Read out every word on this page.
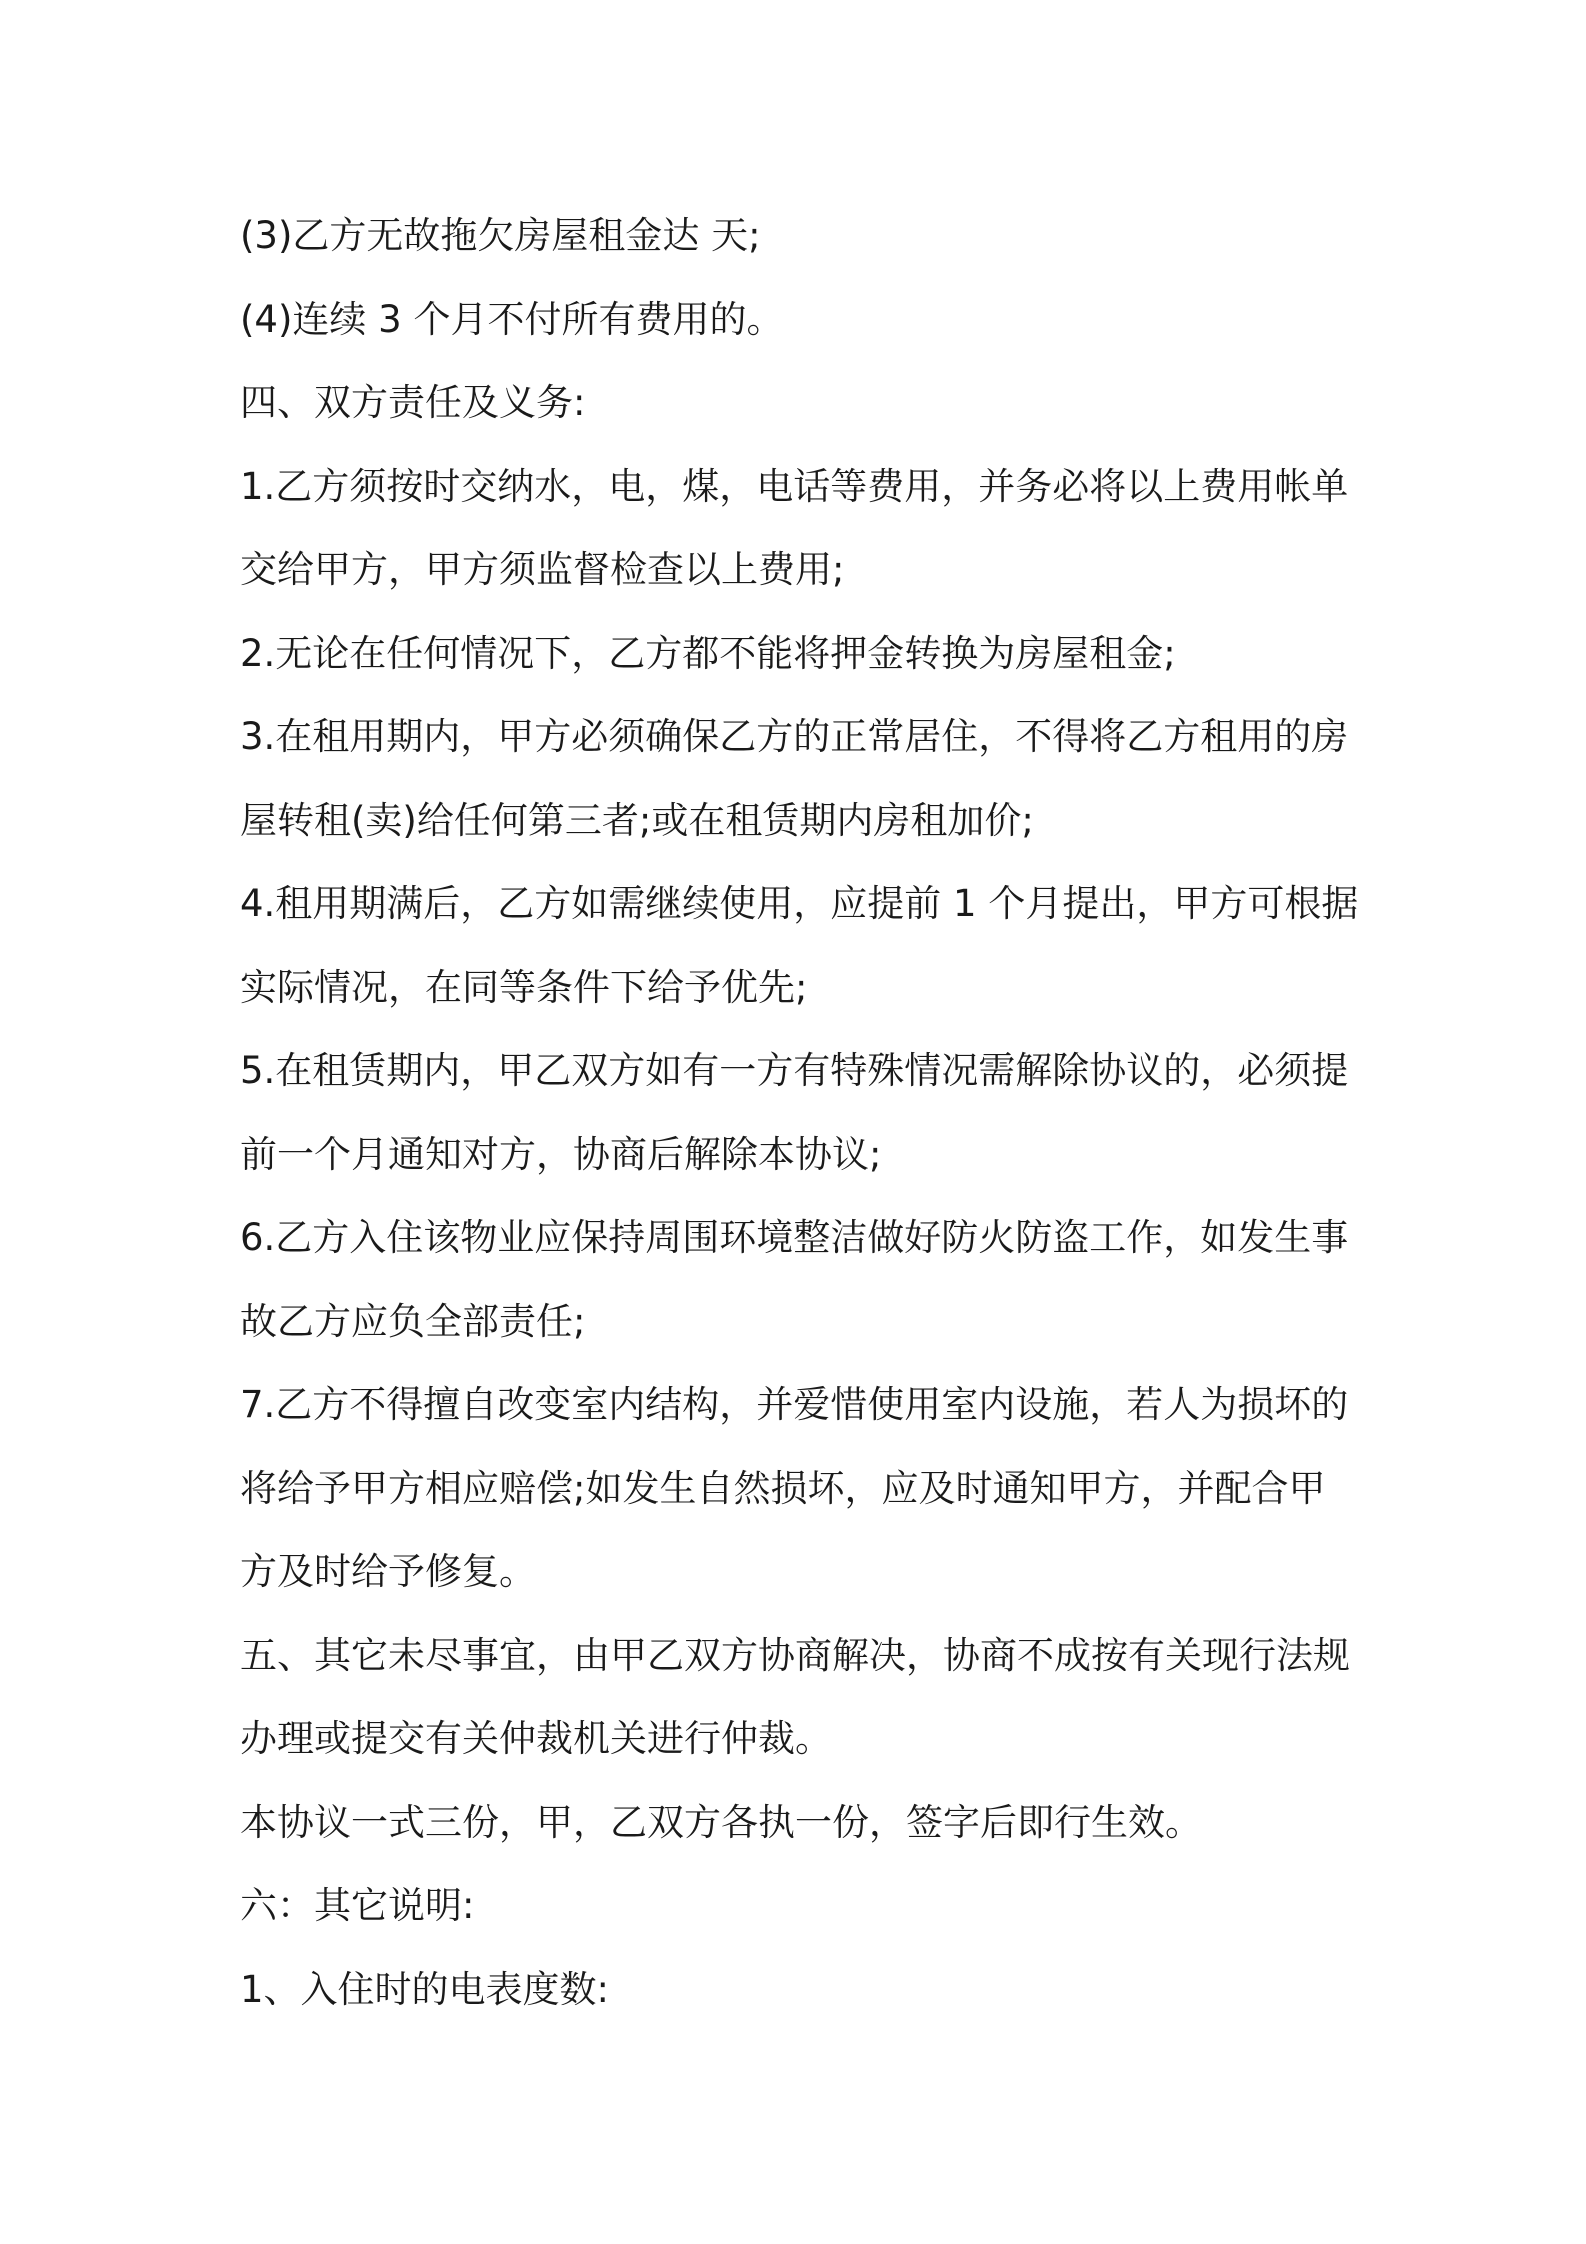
(3)乙方无故拖欠房屋租金达 天;
(4)连续 3 个月不付所有费用的。
四、双方责任及义务:
1.乙方须按时交纳水，电，煤，电话等费用，并务必将以上费用帐单
交给甲方，甲方须监督检查以上费用;
2.无论在任何情况下，乙方都不能将押金转换为房屋租金;
3.在租用期内，甲方必须确保乙方的正常居住，不得将乙方租用的房
屋转租(卖)给任何第三者;或在租赁期内房租加价;
4.租用期满后，乙方如需继续使用，应提前 1 个月提出，甲方可根据
实际情况，在同等条件下给予优先;
5.在租赁期内，甲乙双方如有一方有特殊情况需解除协议的，必须提
前一个月通知对方，协商后解除本协议;
6.乙方入住该物业应保持周围环境整洁做好防火防盗工作，如发生事
故乙方应负全部责任;
7.乙方不得擅自改变室内结构，并爱惜使用室内设施，若人为损坏的
将给予甲方相应赔偿;如发生自然损坏，应及时通知甲方，并配合甲
方及时给予修复。
五、其它未尽事宜，由甲乙双方协商解决，协商不成按有关现行法规
办理或提交有关仲裁机关进行仲裁。
本协议一式三份，甲，乙双方各执一份，签字后即行生效。
六：其它说明:
1、入住时的电表度数:
